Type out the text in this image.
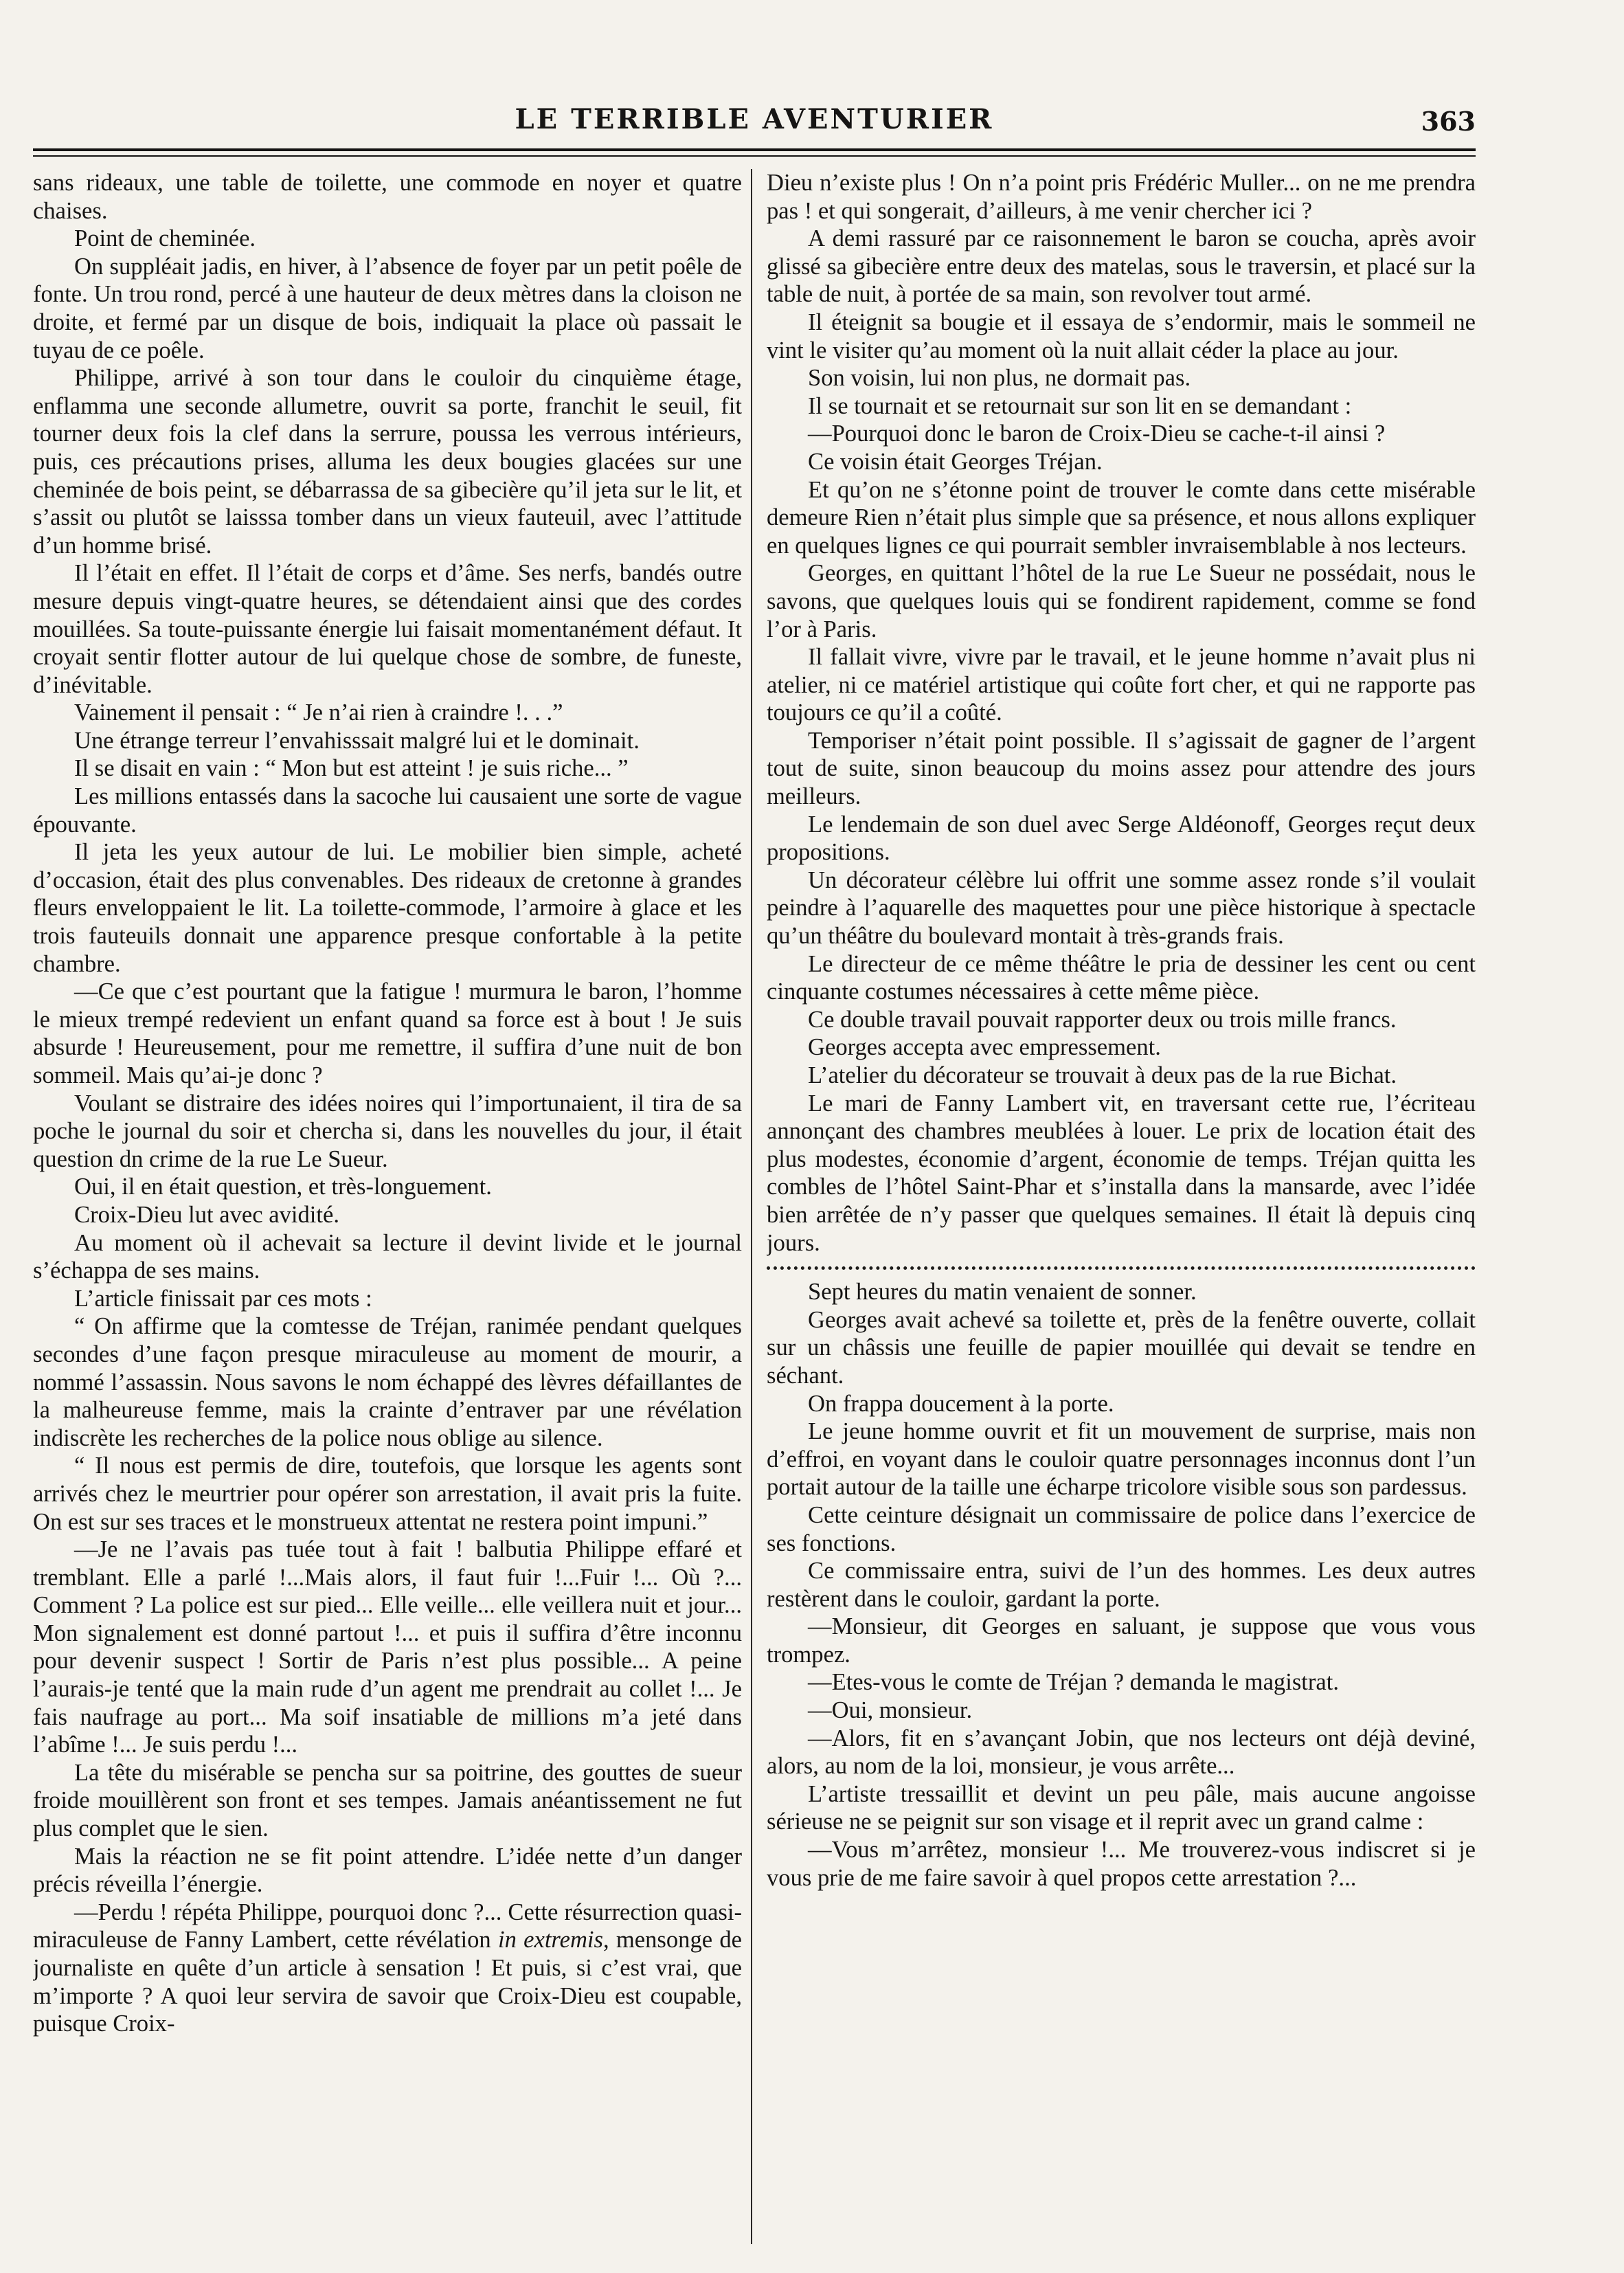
LE TERRIBLE AVENTURIER	363

sans rideaux, une table de toilette, une commode en noyer et quatre chaises.

Point de cheminée.

On suppléait jadis, en hiver, à l’absence de foyer par un petit poêle de fonte. Un trou rond, percé à une hauteur de deux mètres dans la cloison ne droite, et fermé par un disque de bois, indiquait la place où passait le tuyau de ce poêle.

Philippe, arrivé à son tour dans le couloir du cinquième étage, enflamma une seconde allumetre, ouvrit sa porte, franchit le seuil, fit tourner deux fois la clef dans la serrure, poussa les verrous intérieurs, puis, ces précautions prises, alluma les deux bougies glacées sur une cheminée de bois peint, se débarrassa de sa gibecière qu’il jeta sur le lit, et s’assit ou plutôt se laisssa tomber dans un vieux fauteuil, avec l’attitude d’un homme brisé.

Il l’était en effet. Il l’était de corps et d’âme. Ses nerfs, bandés outre mesure depuis vingt-quatre heures, se détendaient ainsi que des cordes mouillées. Sa toute-puissante énergie lui faisait momentanément défaut. It croyait sentir flotter autour de lui quelque chose de sombre, de funeste, d’inévitable.

Vainement il pensait : “ Je n’ai rien à craindre !. . .”

Une étrange terreur l’envahisssait malgré lui et le dominait.

Il se disait en vain : “ Mon but est atteint ! je suis riche... ”

Les millions entassés dans la sacoche lui causaient une sorte de vague épouvante.

Il jeta les yeux autour de lui. Le mobilier bien simple, acheté d’occasion, était des plus convenables. Des rideaux de cretonne à grandes fleurs enveloppaient le lit. La toilette-commode, l’armoire à glace et les trois fauteuils donnait une apparence presque confortable à la petite chambre.

—Ce que c’est pourtant que la fatigue ! murmura le baron, l’homme le mieux trempé redevient un enfant quand sa force est à bout ! Je suis absurde ! Heureusement, pour me remettre, il suffira d’une nuit de bon sommeil. Mais qu’ai-je donc ?

Voulant se distraire des idées noires qui l’importunaient, il tira de sa poche le journal du soir et chercha si, dans les nouvelles du jour, il était question dn crime de la rue Le Sueur.

Oui, il en était question, et très-longuement.

Croix-Dieu lut avec avidité.

Au moment où il achevait sa lecture il devint livide et le journal s’échappa de ses mains.

L’article finissait par ces mots :

“ On affirme que la comtesse de Tréjan, ranimée pendant quelques secondes d’une façon presque miraculeuse au moment de mourir, a nommé l’assassin. Nous savons le nom échappé des lèvres défaillantes de la malheureuse femme, mais la crainte d’entraver par une révélation indiscrète les recherches de la police nous oblige au silence.

“ Il nous est permis de dire, toutefois, que lorsque les agents sont arrivés chez le meurtrier pour opérer son arrestation, il avait pris la fuite. On est sur ses traces et le monstrueux attentat ne restera point impuni.”

—Je ne l’avais pas tuée tout à fait ! balbutia Philippe effaré et tremblant. Elle a parlé !...Mais alors, il faut fuir !...Fuir !... Où ?... Comment ? La police est sur pied... Elle veille... elle veillera nuit et jour... Mon signalement est donné partout !... et puis il suffira d’être inconnu pour devenir suspect ! Sortir de Paris n’est plus possible... A peine l’aurais-je tenté que la main rude d’un agent me prendrait au collet !... Je fais naufrage au port... Ma soif insatiable de millions m’a jeté dans l’abîme !... Je suis perdu !...

La tête du misérable se pencha sur sa poitrine, des gouttes de sueur froide mouillèrent son front et ses tempes. Jamais anéantissement ne fut plus complet que le sien.

Mais la réaction ne se fit point attendre. L’idée nette d’un danger précis réveilla l’énergie.

—Perdu ! répéta Philippe, pourquoi donc ?... Cette résurrection quasi-miraculeuse de Fanny Lambert, cette révélation in extremis, mensonge de journaliste en quête d’un article à sensation ! Et puis, si c’est vrai, que m’importe ? A quoi leur servira de savoir que Croix-Dieu est coupable, puisque Croix-

Dieu n’existe plus ! On n’a point pris Frédéric Muller... on ne me prendra pas ! et qui songerait, d’ailleurs, à me venir chercher ici ?

A demi rassuré par ce raisonnement le baron se coucha, après avoir glissé sa gibecière entre deux des matelas, sous le traversin, et placé sur la table de nuit, à portée de sa main, son revolver tout armé.

Il éteignit sa bougie et il essaya de s’endormir, mais le sommeil ne vint le visiter qu’au moment où la nuit allait céder la place au jour.

Son voisin, lui non plus, ne dormait pas.

Il se tournait et se retournait sur son lit en se demandant :

—Pourquoi donc le baron de Croix-Dieu se cache-t-il ainsi ?

Ce voisin était Georges Tréjan.

Et qu’on ne s’étonne point de trouver le comte dans cette misérable demeure Rien n’était plus simple que sa présence, et nous allons expliquer en quelques lignes ce qui pourrait sembler invraisemblable à nos lecteurs.

Georges, en quittant l’hôtel de la rue Le Sueur ne possédait, nous le savons, que quelques louis qui se fondirent rapidement, comme se fond l’or à Paris.

Il fallait vivre, vivre par le travail, et le jeune homme n’avait plus ni atelier, ni ce matériel artistique qui coûte fort cher, et qui ne rapporte pas toujours ce qu’il a coûté.

Temporiser n’était point possible. Il s’agissait de gagner de l’argent tout de suite, sinon beaucoup du moins assez pour attendre des jours meilleurs.

Le lendemain de son duel avec Serge Aldéonoff, Georges reçut deux propositions.

Un décorateur célèbre lui offrit une somme assez ronde s’il voulait peindre à l’aquarelle des maquettes pour une pièce historique à spectacle qu’un théâtre du boulevard montait à très-grands frais.

Le directeur de ce même théâtre le pria de dessiner les cent ou cent cinquante costumes nécessaires à cette même pièce.

Ce double travail pouvait rapporter deux ou trois mille francs.

Georges accepta avec empressement.

L’atelier du décorateur se trouvait à deux pas de la rue Bichat.

Le mari de Fanny Lambert vit, en traversant cette rue, l’écriteau annonçant des chambres meublées à louer. Le prix de location était des plus modestes, économie d’argent, économie de temps. Tréjan quitta les combles de l’hôtel Saint-Phar et s’installa dans la mansarde, avec l’idée bien arrêtée de n’y passer que quelques semaines. Il était là depuis cinq jours.

Sept heures du matin venaient de sonner.

Georges avait achevé sa toilette et, près de la fenêtre ouverte, collait sur un châssis une feuille de papier mouillée qui devait se tendre en séchant.

On frappa doucement à la porte.

Le jeune homme ouvrit et fit un mouvement de surprise, mais non d’effroi, en voyant dans le couloir quatre personnages inconnus dont l’un portait autour de la taille une écharpe tricolore visible sous son pardessus.

Cette ceinture désignait un commissaire de police dans l’exercice de ses fonctions.

Ce commissaire entra, suivi de l’un des hommes. Les deux autres restèrent dans le couloir, gardant la porte.

—Monsieur, dit Georges en saluant, je suppose que vous vous trompez.

—Etes-vous le comte de Tréjan ? demanda le magistrat.

—Oui, monsieur.

—Alors, fit en s’avançant Jobin, que nos lecteurs ont déjà deviné, alors, au nom de la loi, monsieur, je vous arrête...

L’artiste tressaillit et devint un peu pâle, mais aucune angoisse sérieuse ne se peignit sur son visage et il reprit avec un grand calme :

—Vous m’arrêtez, monsieur !... Me trouverez-vous indiscret si je vous prie de me faire savoir à quel propos cette arrestation ?...
